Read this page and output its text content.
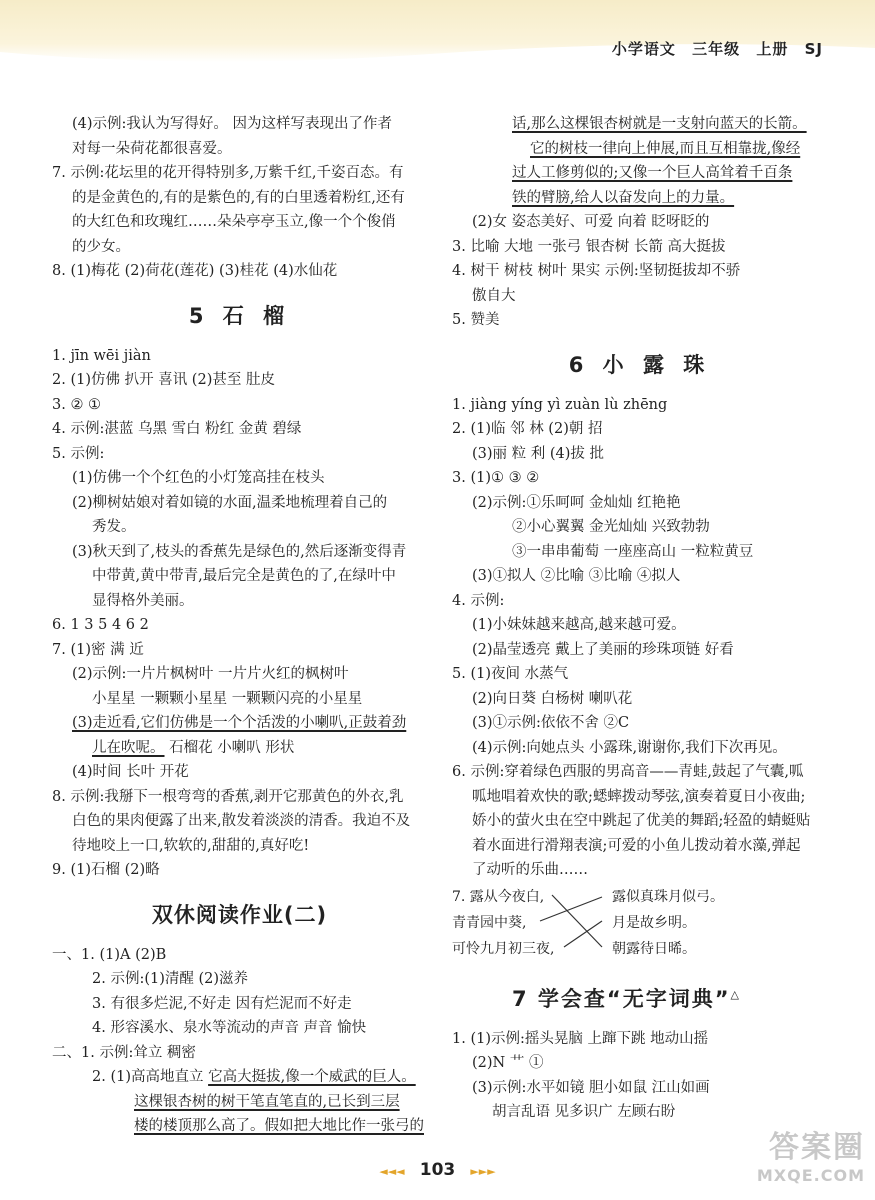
小学语文 三年级 上册 SJ
(4)示例:我认为写得好。 因为这样写表现出了作者
对每一朵荷花都很喜爱。
7. 示例:花坛里的花开得特别多,万紫千红,千姿百态。有
的是金黄色的,有的是紫色的,有的白里透着粉红,还有
的大红色和玫瑰红……朵朵亭亭玉立,像一个个俊俏
的少女。
8. (1)梅花 (2)荷花(莲花) (3)桂花 (4)水仙花
5 石 榴
1. jīn wēi jiàn
2. (1)仿佛 扒开 喜讯 (2)甚至 肚皮
3. ② ①
4. 示例:湛蓝 乌黑 雪白 粉红 金黄 碧绿
5. 示例:
(1)仿佛一个个红色的小灯笼高挂在枝头
(2)柳树姑娘对着如镜的水面,温柔地梳理着自己的
秀发。
(3)秋天到了,枝头的香蕉先是绿色的,然后逐渐变得青
中带黄,黄中带青,最后完全是黄色的了,在绿叶中
显得格外美丽。
6. 1 3 5 4 6 2
7. (1)密 满 近
(2)示例:一片片枫树叶 一片片火红的枫树叶
小星星 一颗颗小星星 一颗颗闪亮的小星星
(3)走近看,它们仿佛是一个个活泼的小喇叭,正鼓着劲
儿在吹呢。 石榴花 小喇叭 形状
(4)时间 长叶 开花
8. 示例:我掰下一根弯弯的香蕉,剥开它那黄色的外衣,乳
白色的果肉便露了出来,散发着淡淡的清香。我迫不及
待地咬上一口,软软的,甜甜的,真好吃!
9. (1)石榴 (2)略
双休阅读作业(二)
一、1. (1)A (2)B
2. 示例:(1)清醒 (2)滋养
3. 有很多烂泥,不好走 因有烂泥而不好走
4. 形容溪水、泉水等流动的声音 声音 愉快
二、1. 示例:耸立 稠密
2. (1)高高地直立 它高大挺拔,像一个威武的巨人。
这棵银杏树的树干笔直笔直的,已长到三层
楼的楼顶那么高了。假如把大地比作一张弓的
话,那么这棵银杏树就是一支射向蓝天的长箭。
它的树枝一律向上伸展,而且互相靠拢,像经
过人工修剪似的;又像一个巨人高耸着千百条
铁的臂膀,给人以奋发向上的力量。
(2)女 姿态美好、可爱 向着 眨呀眨的
3. 比喻 大地 一张弓 银杏树 长箭 高大挺拔
4. 树干 树枝 树叶 果实 示例:坚韧挺拔却不骄
傲自大
5. 赞美
6 小 露 珠
1. jiàng yíng yì zuàn lù zhēng
2. (1)临 邻 林 (2)朝 招
(3)丽 粒 利 (4)拔 批
3. (1)① ③ ②
(2)示例:①乐呵呵 金灿灿 红艳艳
②小心翼翼 金光灿灿 兴致勃勃
③一串串葡萄 一座座高山 一粒粒黄豆
(3)①拟人 ②比喻 ③比喻 ④拟人
4. 示例:
(1)小妹妹越来越高,越来越可爱。
(2)晶莹透亮 戴上了美丽的珍珠项链 好看
5. (1)夜间 水蒸气
(2)向日葵 白杨树 喇叭花
(3)①示例:依依不舍 ②C
(4)示例:向她点头 小露珠,谢谢你,我们下次再见。
6. 示例:穿着绿色西服的男高音——青蛙,鼓起了气囊,呱
呱地唱着欢快的歌;蟋蟀拨动琴弦,演奏着夏日小夜曲;
娇小的萤火虫在空中跳起了优美的舞蹈;轻盈的蜻蜓贴
着水面进行滑翔表演;可爱的小鱼儿拨动着水藻,弹起
了动听的乐曲……
7. 露从今夜白,
青青园中葵,
可怜九月初三夜,
露似真珠月似弓。
月是故乡明。
朝露待日晞。
7 学会查“无字词典”△
1. (1)示例:摇头晃脑 上蹿下跳 地动山摇
(2)N ⺾ ①
(3)示例:水平如镜 胆小如鼠 江山如画
胡言乱语 见多识广 左顾右盼
◄◄◄ 103 ►►►
答案圈
MXQE.COM
